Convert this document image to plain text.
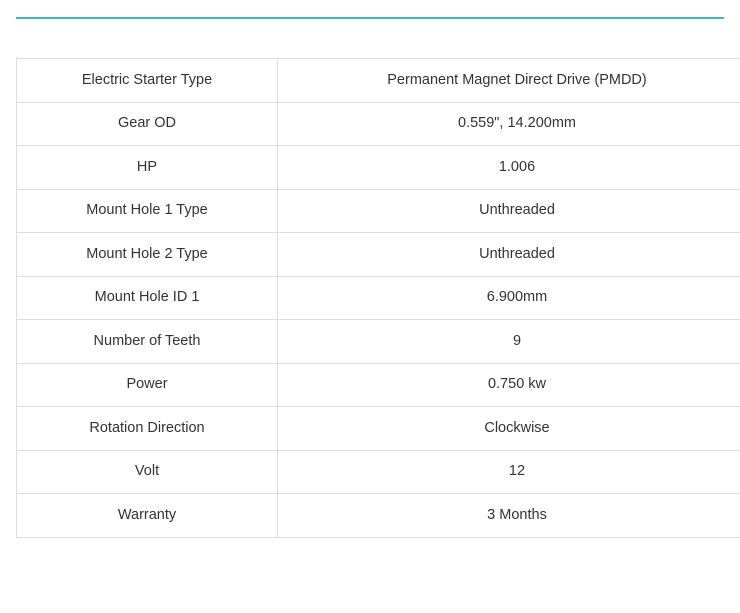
Electric Starter Type	Permanent Magnet Direct Drive (PMDD)
Gear OD	0.559", 14.200mm
HP	1.006
Mount Hole 1 Type	Unthreaded
Mount Hole 2 Type	Unthreaded
Mount Hole ID 1	6.900mm
Number of Teeth	9
Power	0.750 kw
Rotation Direction	Clockwise
Volt	12
Warranty	3 Months
